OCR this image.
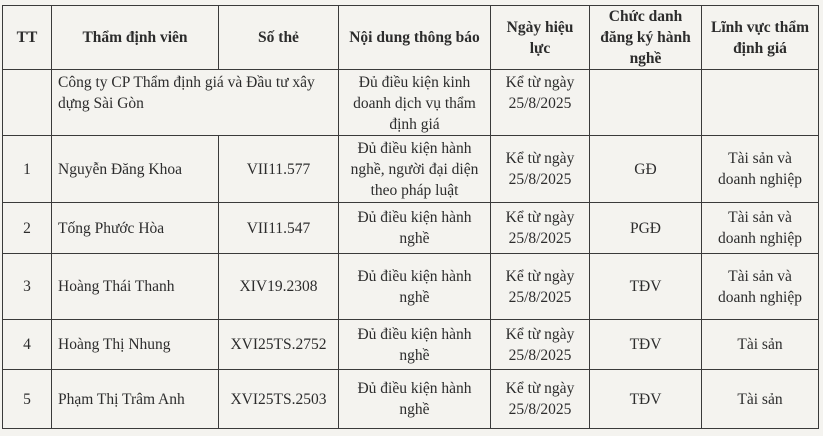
TT	Thẩm định viên	Số thẻ	Nội dung thông báo	Ngày hiệu lực	Chức danh đăng ký hành nghề	Lĩnh vực thẩm định giá
	Công ty CP Thẩm định giá và Đầu tư xây dựng Sài Gòn		Đủ điều kiện kinh doanh dịch vụ thẩm định giá	Kể từ ngày 25/8/2025		
1	Nguyễn Đăng Khoa	VII11.577	Đủ điều kiện hành nghề, người đại diện theo pháp luật	Kể từ ngày 25/8/2025	GĐ	Tài sản và doanh nghiệp
2	Tống Phước Hòa	VII11.547	Đủ điều kiện hành nghề	Kể từ ngày 25/8/2025	PGĐ	Tài sản và doanh nghiệp
3	Hoàng Thái Thanh	XIV19.2308	Đủ điều kiện hành nghề	Kể từ ngày 25/8/2025	TĐV	Tài sản và doanh nghiệp
4	Hoàng Thị Nhung	XVI25TS.2752	Đủ điều kiện hành nghề	Kể từ ngày 25/8/2025	TĐV	Tài sản
5	Phạm Thị Trâm Anh	XVI25TS.2503	Đủ điều kiện hành nghề	Kể từ ngày 25/8/2025	TĐV	Tài sản
